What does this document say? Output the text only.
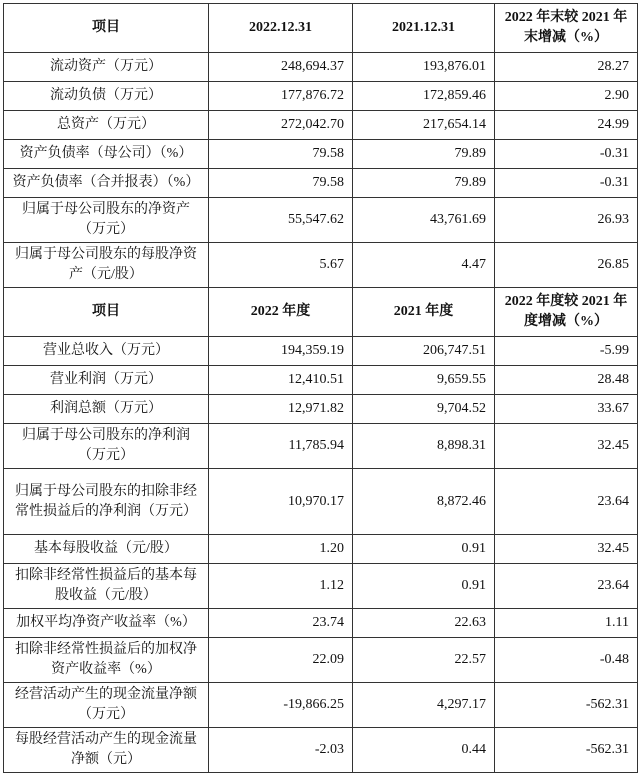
项目	2022.12.31	2021.12.31	2022 年末较 2021 年末增减（%）
流动资产（万元）	248,694.37	193,876.01	28.27
流动负债（万元）	177,876.72	172,859.46	2.90
总资产（万元）	272,042.70	217,654.14	24.99
资产负债率（母公司）（%）	79.58	79.89	-0.31
资产负债率（合并报表）（%）	79.58	79.89	-0.31
归属于母公司股东的净资产（万元）	55,547.62	43,761.69	26.93
归属于母公司股东的每股净资产（元/股）	5.67	4.47	26.85
项目	2022 年度	2021 年度	2022 年度较 2021 年度增减（%）
营业总收入（万元）	194,359.19	206,747.51	-5.99
营业利润（万元）	12,410.51	9,659.55	28.48
利润总额（万元）	12,971.82	9,704.52	33.67
归属于母公司股东的净利润（万元）	11,785.94	8,898.31	32.45
归属于母公司股东的扣除非经常性损益后的净利润（万元）	10,970.17	8,872.46	23.64
基本每股收益（元/股）	1.20	0.91	32.45
扣除非经常性损益后的基本每股收益（元/股）	1.12	0.91	23.64
加权平均净资产收益率（%）	23.74	22.63	1.11
扣除非经常性损益后的加权净资产收益率（%）	22.09	22.57	-0.48
经营活动产生的现金流量净额（万元）	-19,866.25	4,297.17	-562.31
每股经营活动产生的现金流量净额（元）	-2.03	0.44	-562.31
